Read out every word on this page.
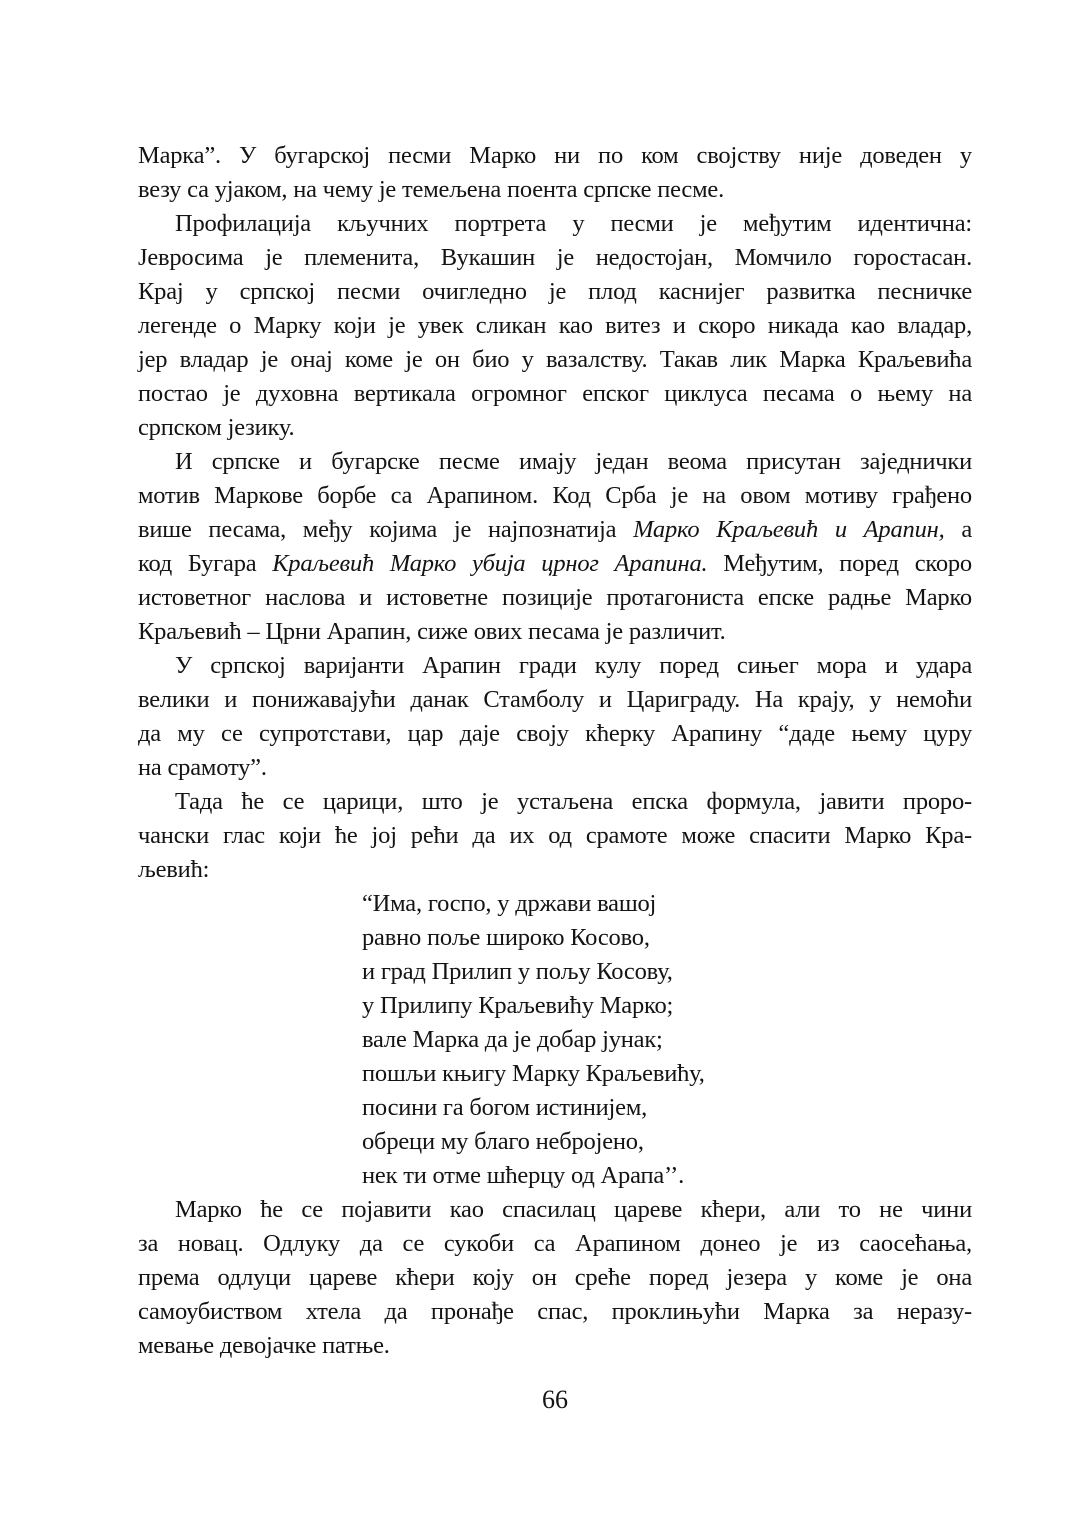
Марка”. У бугарској песми Марко ни по ком својству није доведен у
везу са ујаком, на чему је темељена поента српске песме.
Профилација кључних портрета у песми је међутим идентична:
Јевросима је племенита, Вукашин је недостојан, Момчило горостасан.
Крај у српској песми очигледно је плод каснијег развитка песничке
легенде о Марку који је увек сликан као витез и скоро никада као владар,
јер владар је онај коме је он био у вазалству. Такав лик Марка Краљевића
постао је духовна вертикала огромног епског циклуса песама о њему на
српском језику.
И српске и бугарске песме имају један веома присутан заједнички
мотив Маркове борбе са Арапином. Код Срба је на овом мотиву грађено
више песама, међу којима је најпознатија Марко Краљевић и Арапин, а
код Бугара Краљевић Марко убија црног Арапина. Међутим, поред скоро
истоветног наслова и истоветне позиције протагониста епске радње Марко
Краљевић – Црни Арапин, сиже ових песама је различит.
У српској варијанти Арапин гради кулу поред сињег мора и удара
велики и понижавајући данак Стамболу и Цариграду. На крају, у немоћи
да му се супротстави, цар даје своју кћерку Арапину “даде њему цуру
на срамоту”.
Тада ће се царици, што је устаљена епска формула, јавити проро-
чански глас који ће јој рећи да их од срамоте може спасити Марко Кра-
љевић:
“Има, госпо, у држави вашој
равно поље широко Косово,
и град Прилип у пољу Косову,
у Прилипу Краљевићу Марко;
вале Марка да је добар јунак;
пошљи књигу Марку Краљевићу,
посини га богом истинијем,
обреци му благо небројено,
нек ти отме шћерцу од Арапа’’.
Марко ће се појавити као спасилац цареве кћери, али то не чини
за новац. Одлуку да се сукоби са Арапином донео је из саосећања,
према одлуци цареве кћери коју он среће поред језера у коме је она
самоубиством хтела да пронађе спас, проклињући Марка за неразу-
мевање девојачке патње.
66
